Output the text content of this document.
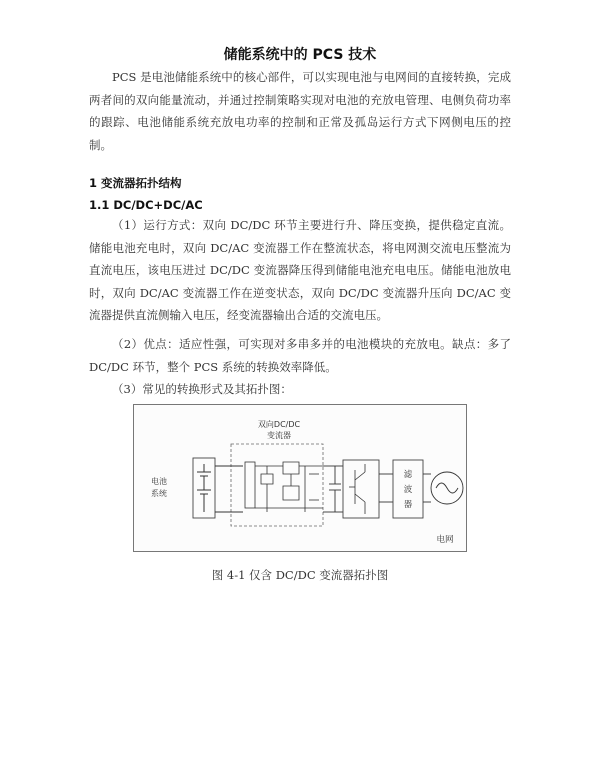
储能系统中的 PCS 技术
PCS 是电池储能系统中的核心部件，可以实现电池与电网间的直接转换，完成两者间的双向能量流动，并通过控制策略实现对电池的充放电管理、电侧负荷功率的跟踪、电池储能系统充放电功率的控制和正常及孤岛运行方式下网侧电压的控制。
1 变流器拓扑结构
1.1 DC/DC+DC/AC
（1）运行方式：双向 DC/DC 环节主要进行升、降压变换，提供稳定直流。储能电池充电时，双向 DC/AC 变流器工作在整流状态，将电网测交流电压整流为直流电压，该电压进过 DC/DC 变流器降压得到储能电池充电电压。储能电池放电时，双向 DC/AC 变流器工作在逆变状态，双向 DC/DC 变流器升压向 DC/AC 变流器提供直流侧输入电压，经变流器输出合适的交流电压。
（2）优点：适应性强，可实现对多串多并的电池模块的充放电。缺点：多了 DC/DC 环节，整个 PCS 系统的转换效率降低。
（3）常见的转换形式及其拓扑图：
双向DC/DC
变流器
电池
系统
滤
波
器
电网
图 4-1 仅含 DC/DC 变流器拓扑图
